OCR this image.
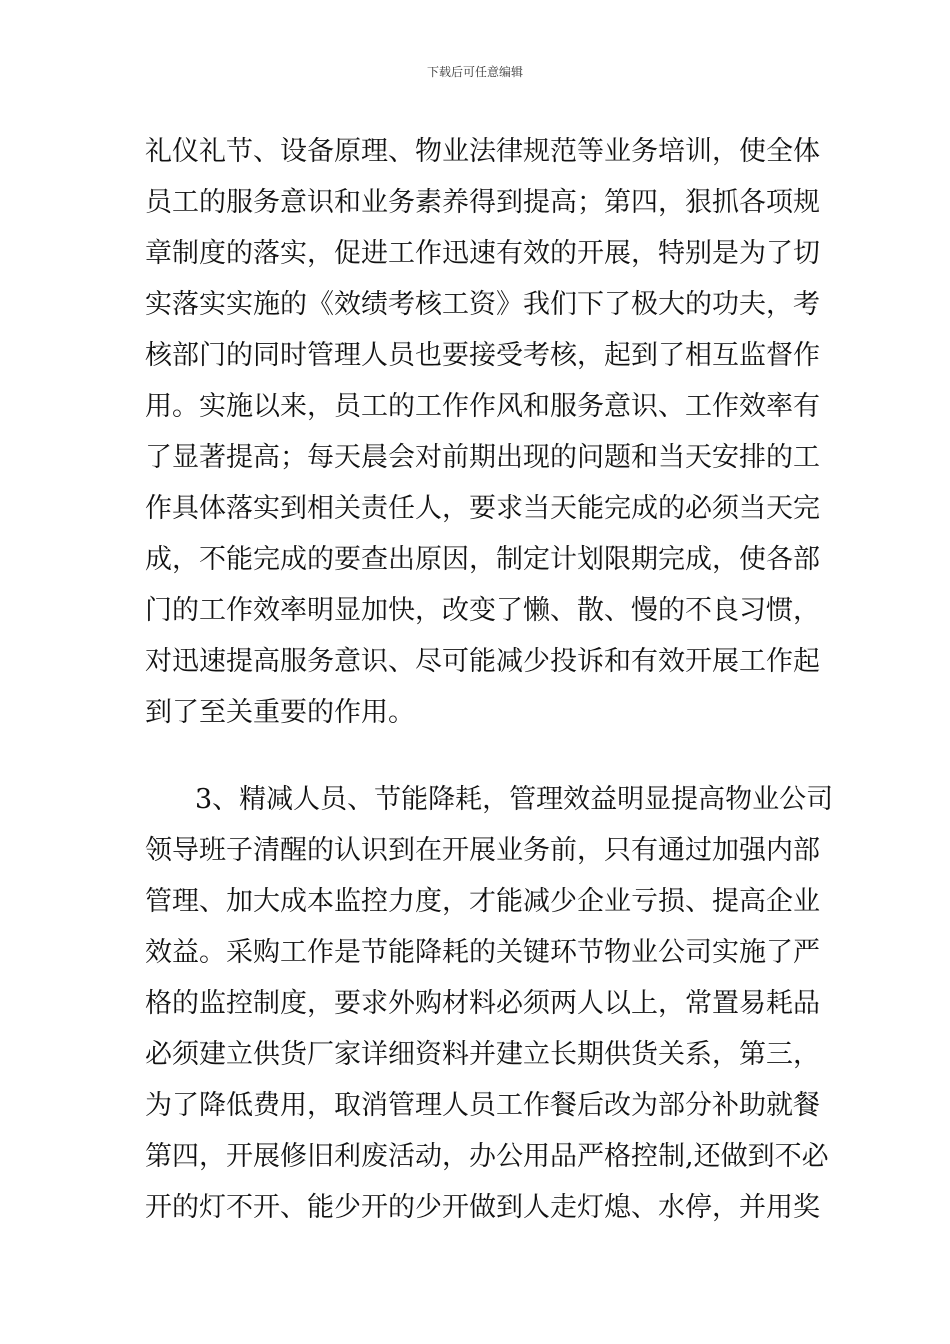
下载后可任意编辑
礼仪礼节、设备原理、物业法律规范等业务培训，使全体
员工的服务意识和业务素养得到提高；第四，狠抓各项规
章制度的落实，促进工作迅速有效的开展，特别是为了切
实落实实施的《效绩考核工资》我们下了极大的功夫，考
核部门的同时管理人员也要接受考核，起到了相互监督作
用。实施以来，员工的工作作风和服务意识、工作效率有
了显著提高；每天晨会对前期出现的问题和当天安排的工
作具体落实到相关责任人，要求当天能完成的必须当天完
成，不能完成的要查出原因，制定计划限期完成，使各部
门的工作效率明显加快，改变了懒、散、慢的不良习惯，
对迅速提高服务意识、尽可能减少投诉和有效开展工作起
到了至关重要的作用。
3、精减人员、节能降耗，管理效益明显提高物业公司
领导班子清醒的认识到在开展业务前，只有通过加强内部
管理、加大成本监控力度，才能减少企业亏损、提高企业
效益。采购工作是节能降耗的关键环节物业公司实施了严
格的监控制度，要求外购材料必须两人以上，常置易耗品
必须建立供货厂家详细资料并建立长期供货关系，第三，
为了降低费用，取消管理人员工作餐后改为部分补助就餐
第四，开展修旧利废活动，办公用品严格控制,还做到不必
开的灯不开、能少开的少开做到人走灯熄、水停，并用奖
